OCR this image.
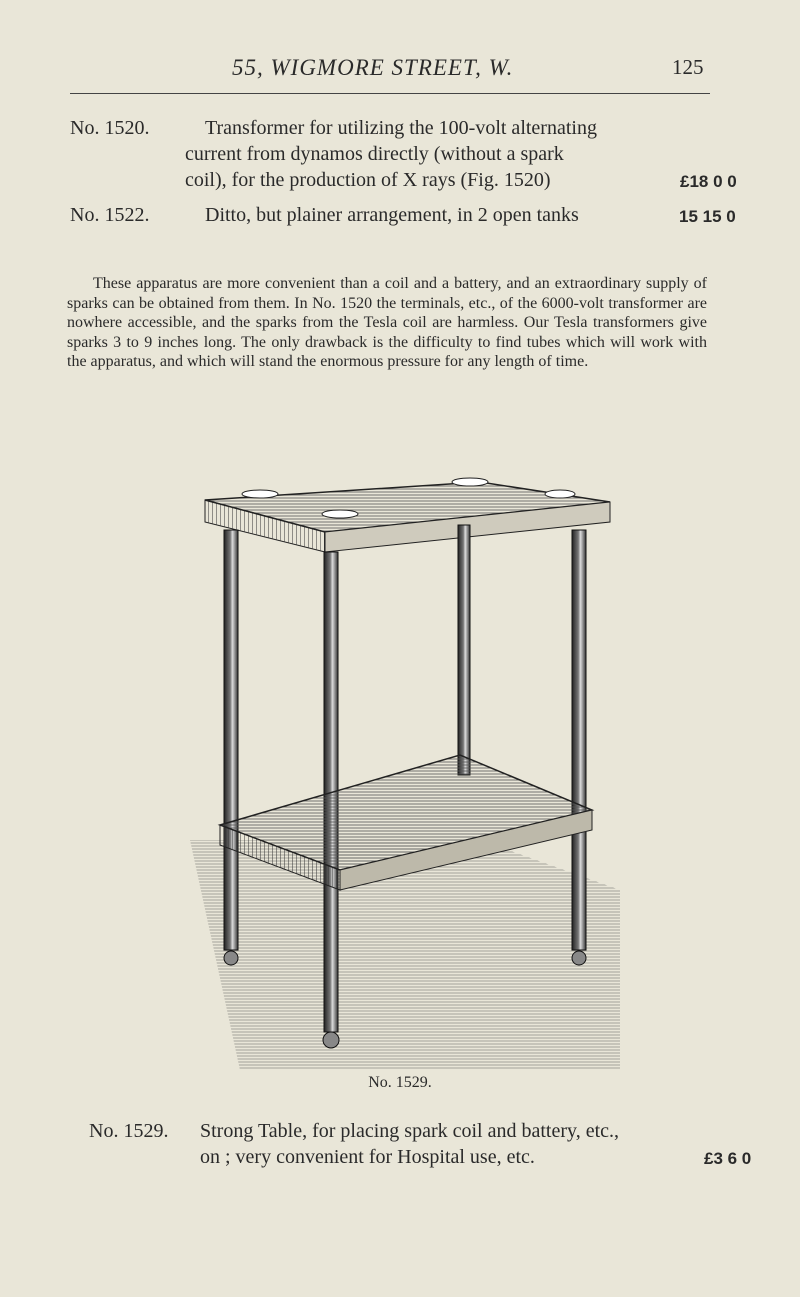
55, WIGMORE STREET, W.	125
No. 1520.	Transformer for utilizing the 100-volt alternating
current from dynamos directly (without a spark
coil), for the production of X rays (Fig. 1520)	£18 0 0
No. 1522.	Ditto, but plainer arrangement, in 2 open tanks	15 15 0

These apparatus are more convenient than a coil and a battery, and an extraordinary supply of sparks can be obtained from them. In No. 1520 the terminals, etc., of the 6000-volt transformer are nowhere accessible, and the sparks from the Tesla coil are harmless. Our Tesla transformers give sparks 3 to 9 inches long. The only drawback is the difficulty to find tubes which will work with the apparatus, and which will stand the enormous pressure for any length of time.

No. 1529.
No. 1529. Strong Table, for placing spark coil and battery, etc.,
on ; very convenient for Hospital use, etc.	£3 6 0
